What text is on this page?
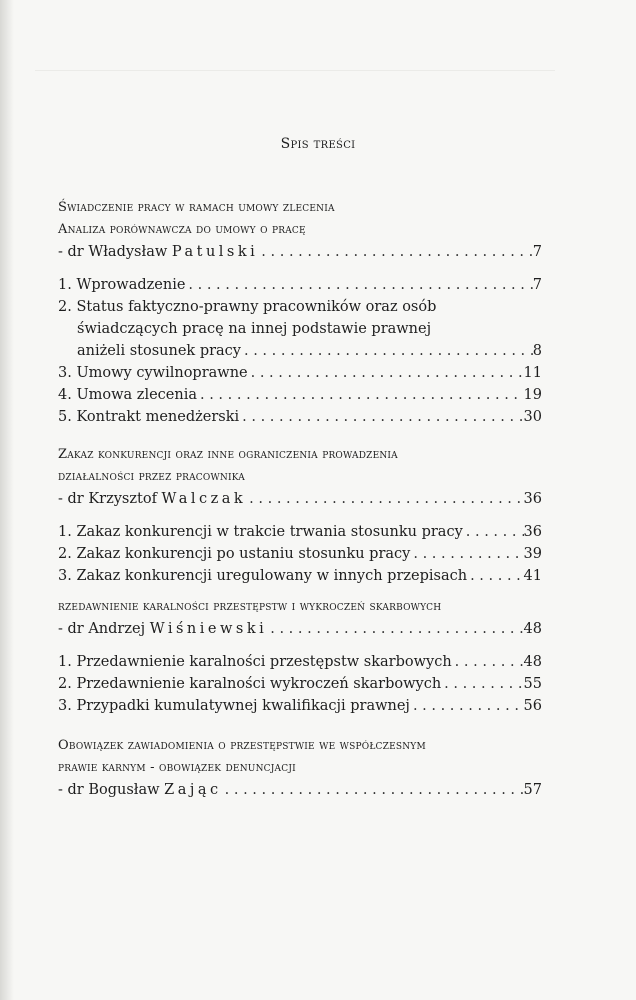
Spis treści
Świadczenie pracy w ramach umowy zlecenia
Analiza porównawcza do umowy o pracę
- dr Władysław Patulski . . .	7
1. Wprowadzenie . . .	7
2. Status faktyczno-prawny pracowników oraz osób
świadczących pracę na innej podstawie prawnej
aniżeli stosunek pracy . . .	8
3. Umowy cywilnoprawne . . .	11
4. Umowa zlecenia . . .	19
5. Kontrakt menedżerski . . .	30
Zakaz konkurencji oraz inne ograniczenia prowadzenia
działalności przez pracownika
- dr Krzysztof Walczak . . .	36
1. Zakaz konkurencji w trakcie trwania stosunku pracy . . .	36
2. Zakaz konkurencji po ustaniu stosunku pracy . . .	39
3. Zakaz konkurencji uregulowany w innych przepisach . . .	41
rzedawnienie karalności przestępstw i wykroczeń skarbowych
- dr Andrzej Wiśniewski . . .	48
1. Przedawnienie karalności przestępstw skarbowych . . .	48
2. Przedawnienie karalności wykroczeń skarbowych . . .	55
3. Przypadki kumulatywnej kwalifikacji prawnej . . .	56
Obowiązek zawiadomienia o przestępstwie we współczesnym
prawie karnym - obowiązek denuncjacji
- dr Bogusław Zając . . .	57
